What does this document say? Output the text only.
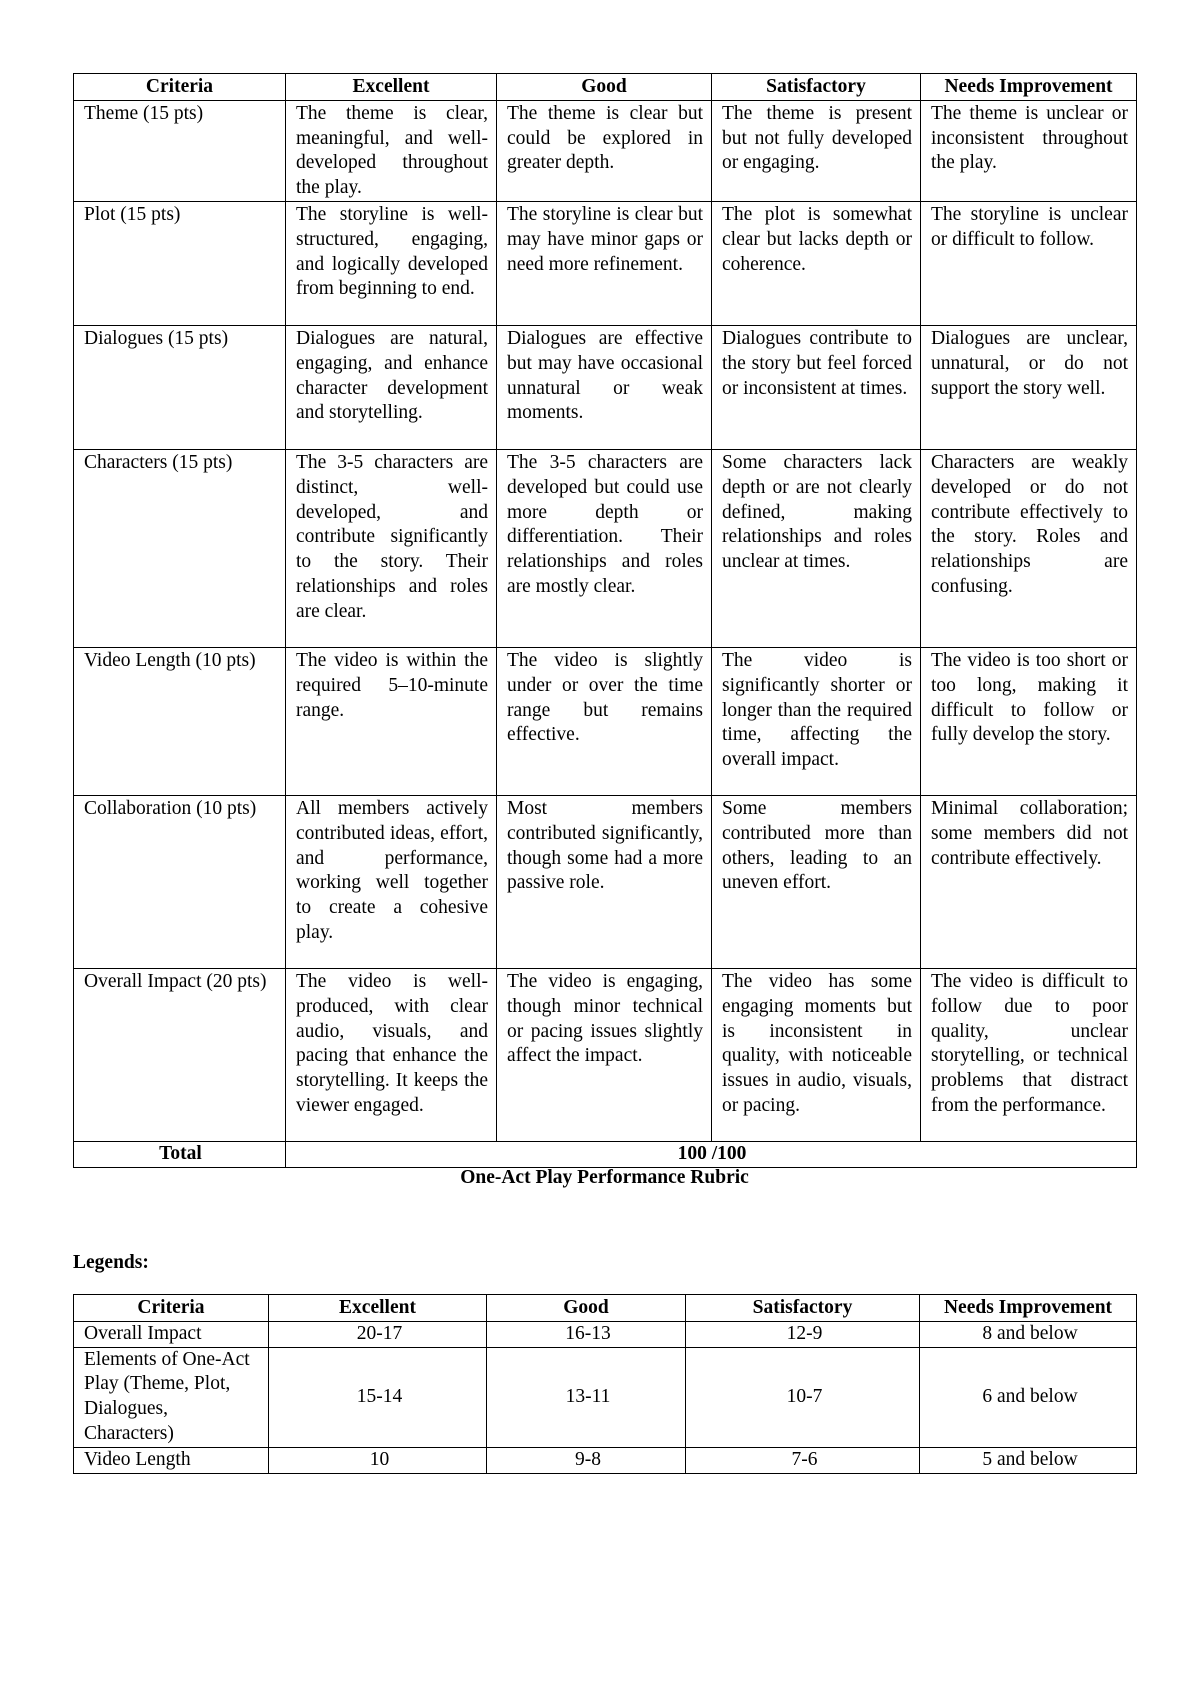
Criteria	Excellent	Good	Satisfactory	Needs Improvement
Theme (15 pts)	The theme is clear, meaningful, and well-developed throughout the play.	The theme is clear but could be explored in greater depth.	The theme is present but not fully developed or engaging.	The theme is unclear or inconsistent throughout the play.
Plot (15 pts)	The storyline is well-structured, engaging, and logically developed from beginning to end.	The storyline is clear but may have minor gaps or need more refinement.	The plot is somewhat clear but lacks depth or coherence.	The storyline is unclear or difficult to follow.
Dialogues (15 pts)	Dialogues are natural, engaging, and enhance character development and storytelling.	Dialogues are effective but may have occasional unnatural or weak moments.	Dialogues contribute to the story but feel forced or inconsistent at times.	Dialogues are unclear, unnatural, or do not support the story well.
Characters (15 pts)	The 3-5 characters are distinct, well-developed, and contribute significantly to the story. Their relationships and roles are clear.	The 3-5 characters are developed but could use more depth or differentiation. Their relationships and roles are mostly clear.	Some characters lack depth or are not clearly defined, making relationships and roles unclear at times.	Characters are weakly developed or do not contribute effectively to the story. Roles and relationships are confusing.
Video Length (10 pts)	The video is within the required 5–10-minute range.	The video is slightly under or over the time range but remains effective.	The video is significantly shorter or longer than the required time, affecting the overall impact.	The video is too short or too long, making it difficult to follow or fully develop the story.
Collaboration (10 pts)	All members actively contributed ideas, effort, and performance, working well together to create a cohesive play.	Most members contributed significantly, though some had a more passive role.	Some members contributed more than others, leading to an uneven effort.	Minimal collaboration; some members did not contribute effectively.
Overall Impact (20 pts)	The video is well-produced, with clear audio, visuals, and pacing that enhance the storytelling. It keeps the viewer engaged.	The video is engaging, though minor technical or pacing issues slightly affect the impact.	The video has some engaging moments but is inconsistent in quality, with noticeable issues in audio, visuals, or pacing.	The video is difficult to follow due to poor quality, unclear storytelling, or technical problems that distract from the performance.
Total	100 /100			
One-Act Play Performance Rubric
Legends:
Criteria	Excellent	Good	Satisfactory	Needs Improvement
Overall Impact	20-17	16-13	12-9	8 and below
Elements of One-Act Play (Theme, Plot, Dialogues, Characters)	15-14	13-11	10-7	6 and below
Video Length	10	9-8	7-6	5 and below
